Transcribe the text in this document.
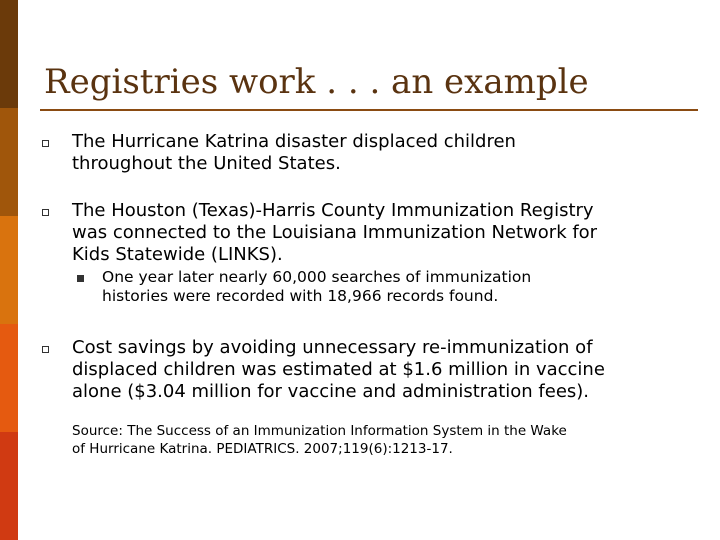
Registries work . . . an example
The Hurricane Katrina disaster displaced children
throughout the United States.
The Houston (Texas)-Harris County Immunization Registry
was connected to the Louisiana Immunization Network for
Kids Statewide (LINKS).
One year later nearly 60,000 searches of immunization
histories were recorded with 18,966 records found.
Cost savings by avoiding unnecessary re-immunization of
displaced children was estimated at $1.6 million in vaccine
alone ($3.04 million for vaccine and administration fees).
Source: The Success of an Immunization Information System in the Wake
of Hurricane Katrina. PEDIATRICS. 2007;119(6):1213-17.
